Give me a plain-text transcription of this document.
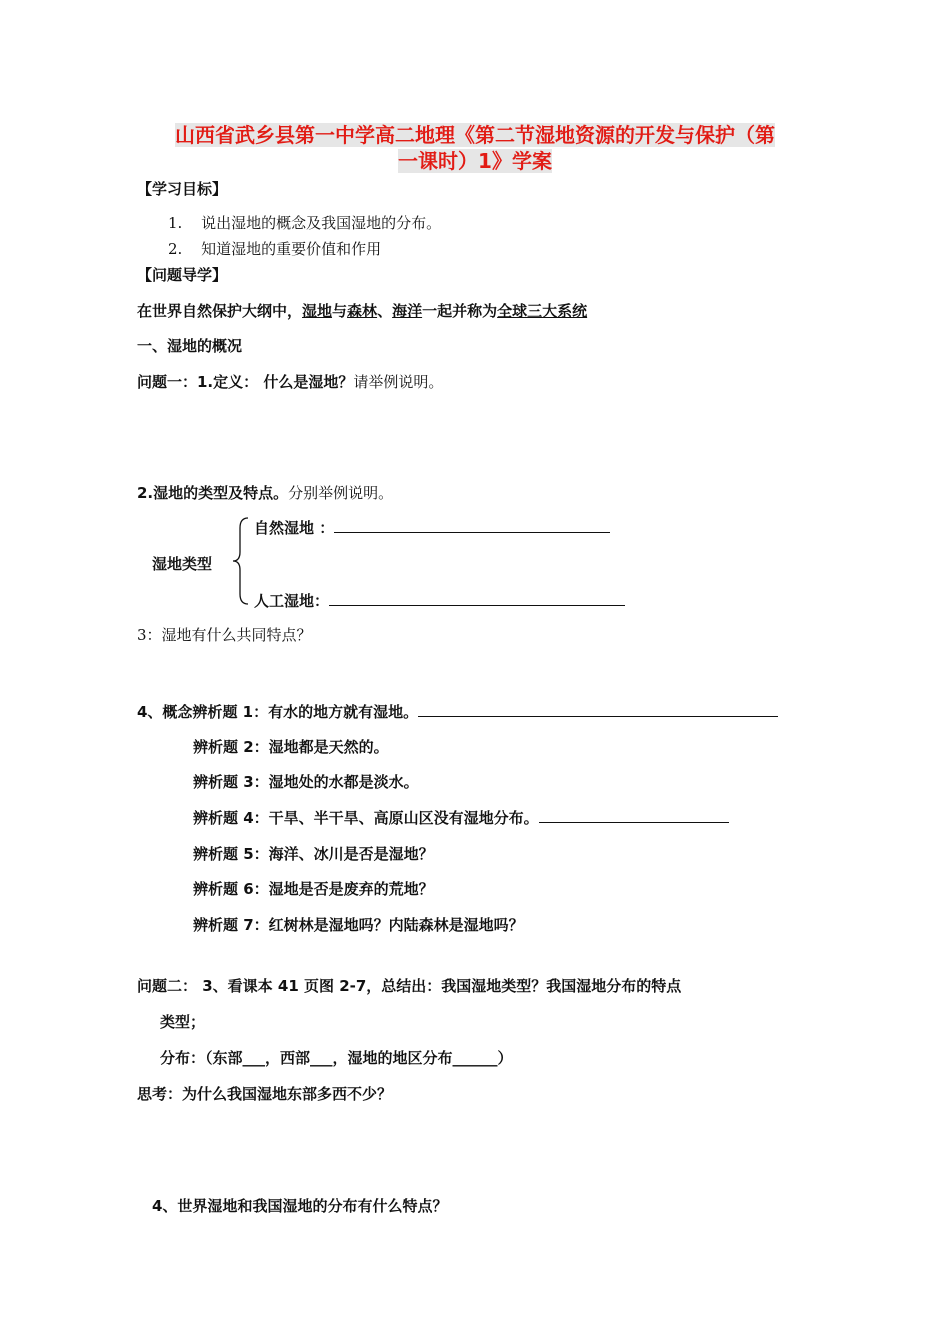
山西省武乡县第一中学高二地理《第二节湿地资源的开发与保护（第
一课时）1》学案
【学习目标】
1. 说出湿地的概念及我国湿地的分布。
2. 知道湿地的重要价值和作用
【问题导学】
在世界自然保护大纲中，湿地与森林、海洋一起并称为全球三大系统
一、湿地的概况
问题一：1.定义： 什么是湿地？请举例说明。
2.湿地的类型及特点。分别举例说明。
自然湿地 ：
湿地类型
人工湿地：
3：湿地有什么共同特点？
4、概念辨析题 1：有水的地方就有湿地。
辨析题 2：湿地都是天然的。
辨析题 3：湿地处的水都是淡水。
辨析题 4：干旱、半干旱、高原山区没有湿地分布。
辨析题 5：海洋、冰川是否是湿地？
辨析题 6：湿地是否是废弃的荒地？
辨析题 7：红树林是湿地吗？内陆森林是湿地吗？
问题二： 3、看课本 41 页图 2-7，总结出：我国湿地类型？我国湿地分布的特点
类型；
分布：（东部___，西部___，湿地的地区分布______）
思考：为什么我国湿地东部多西不少？
4、世界湿地和我国湿地的分布有什么特点？
